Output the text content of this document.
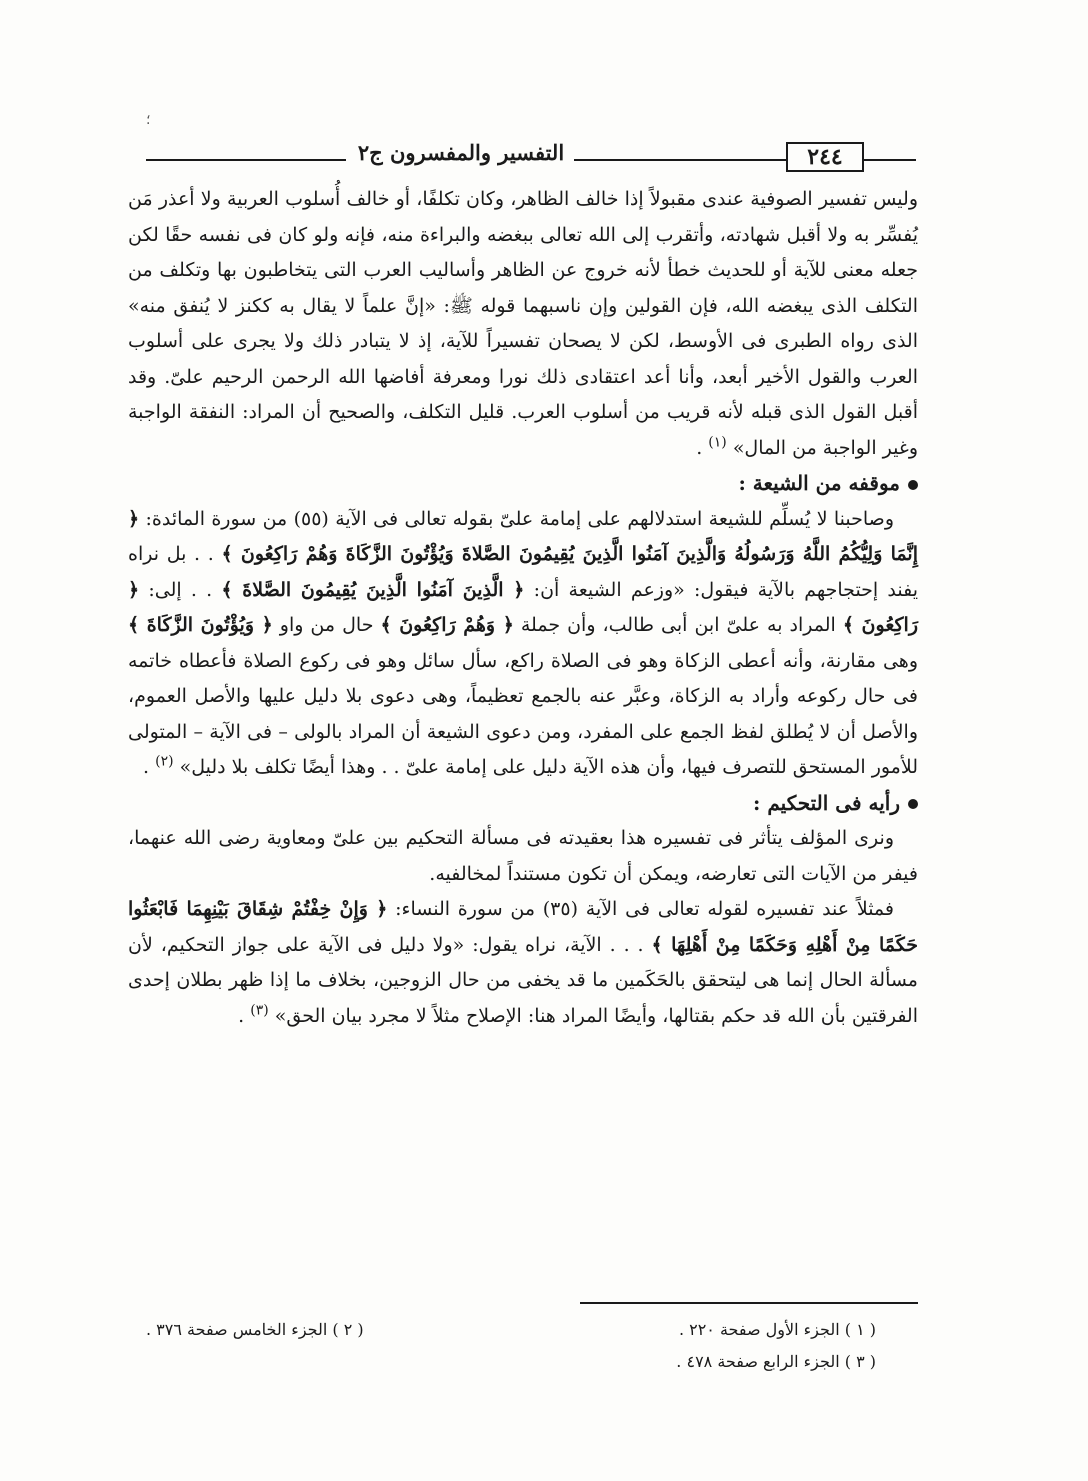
؛
٢٤٤
التفسير والمفسرون ج٢

وليس تفسير الصوفية عندى مقبولاً إذا خالف الظاهر، وكان تكلفًا، أو خالف أُسلوب العربية ولا أعذر مَن يُفسِّر به ولا أقبل شهادته، وأتقرب إلى الله تعالى ببغضه والبراءة منه، فإنه ولو كان فى نفسه حقًا لكن جعله معنى للآية أو للحديث خطأ لأنه خروج عن الظاهر وأساليب العرب التى يتخاطبون بها وتكلف من التكلف الذى يبغضه الله، فإن القولين وإن ناسبهما قوله ﷺ: «إنَّ علماً لا يقال به ككنز لا يُنفق منه» الذى رواه الطبرى فى الأوسط، لكن لا يصحان تفسيراً للآية، إذ لا يتبادر ذلك ولا يجرى على أسلوب العرب والقول الأخير أبعد، وأنا أعد اعتقادى ذلك نورا ومعرفة أفاضها الله الرحمن الرحيم علىّ. وقد أقبل القول الذى قبله لأنه قريب من أسلوب العرب. قليل التكلف، والصحيح أن المراد: النفقة الواجبة وغير الواجبة من المال» $^{(١)}$ .

موقفه من الشيعة :

وصاحبنا لا يُسلِّم للشيعة استدلالهم على إمامة علىّ بقوله تعالى فى الآية (٥٥) من سورة المائدة: ﴿ إِنَّمَا وَلِيُّكُمُ اللَّهُ وَرَسُولُهُ وَالَّذِينَ آمَنُوا الَّذِينَ يُقِيمُونَ الصَّلاةَ وَيُؤْتُونَ الزَّكَاةَ وَهُمْ رَاكِعُونَ ﴾ . . بل نراه يفند إحتجاجهم بالآية فيقول: «وزعم الشيعة أن: ﴿ الَّذِينَ آمَنُوا الَّذِينَ يُقِيمُونَ الصَّلاةَ ﴾ . . إلى: ﴿ رَاكِعُونَ ﴾ المراد به علىّ ابن أبى طالب، وأن جملة ﴿ وَهُمْ رَاكِعُونَ ﴾ حال من واو ﴿ وَيُؤْتُونَ الزَّكَاةَ ﴾ وهى مقارنة، وأنه أعطى الزكاة وهو فى الصلاة راكع، سأل سائل وهو فى ركوع الصلاة فأعطاه خاتمه فى حال ركوعه وأراد به الزكاة، وعبَّر عنه بالجمع تعظيماً، وهى دعوى بلا دليل عليها والأصل العموم، والأصل أن لا يُطلق لفظ الجمع على المفرد، ومن دعوى الشيعة أن المراد بالولى – فى الآية – المتولى للأمور المستحق للتصرف فيها، وأن هذه الآية دليل على إمامة علىّ . . وهذا أيضًا تكلف بلا دليل» $^{(٢)}$ .

رأيه فى التحكيم :

ونرى المؤلف يتأثر فى تفسيره هذا بعقيدته فى مسألة التحكيم بين علىّ ومعاوية رضى الله عنهما، فيفر من الآيات التى تعارضه، ويمكن أن تكون مستنداً لمخالفيه.

فمثلاً عند تفسيره لقوله تعالى فى الآية (٣٥) من سورة النساء: ﴿ وَإِنْ خِفْتُمْ شِقَاقَ بَيْنِهِمَا فَابْعَثُوا حَكَمًا مِنْ أَهْلِهِ وَحَكَمًا مِنْ أَهْلِهَا ﴾ . . . الآية، نراه يقول: «ولا دليل فى الآية على جواز التحكيم، لأن مسألة الحال إنما هى ليتحقق بالحَكَمين ما قد يخفى من حال الزوجين، بخلاف ما إذا ظهر بطلان إحدى الفرقتين بأن الله قد حكم بقتالها، وأيضًا المراد هنا: الإصلاح مثلاً لا مجرد بيان الحق» $^{(٣)}$ .

( ١ ) الجزء الأول صفحة ٢٢٠ .
( ٢ ) الجزء الخامس صفحة ٣٧٦ .
( ٣ ) الجزء الرابع صفحة ٤٧٨ .
